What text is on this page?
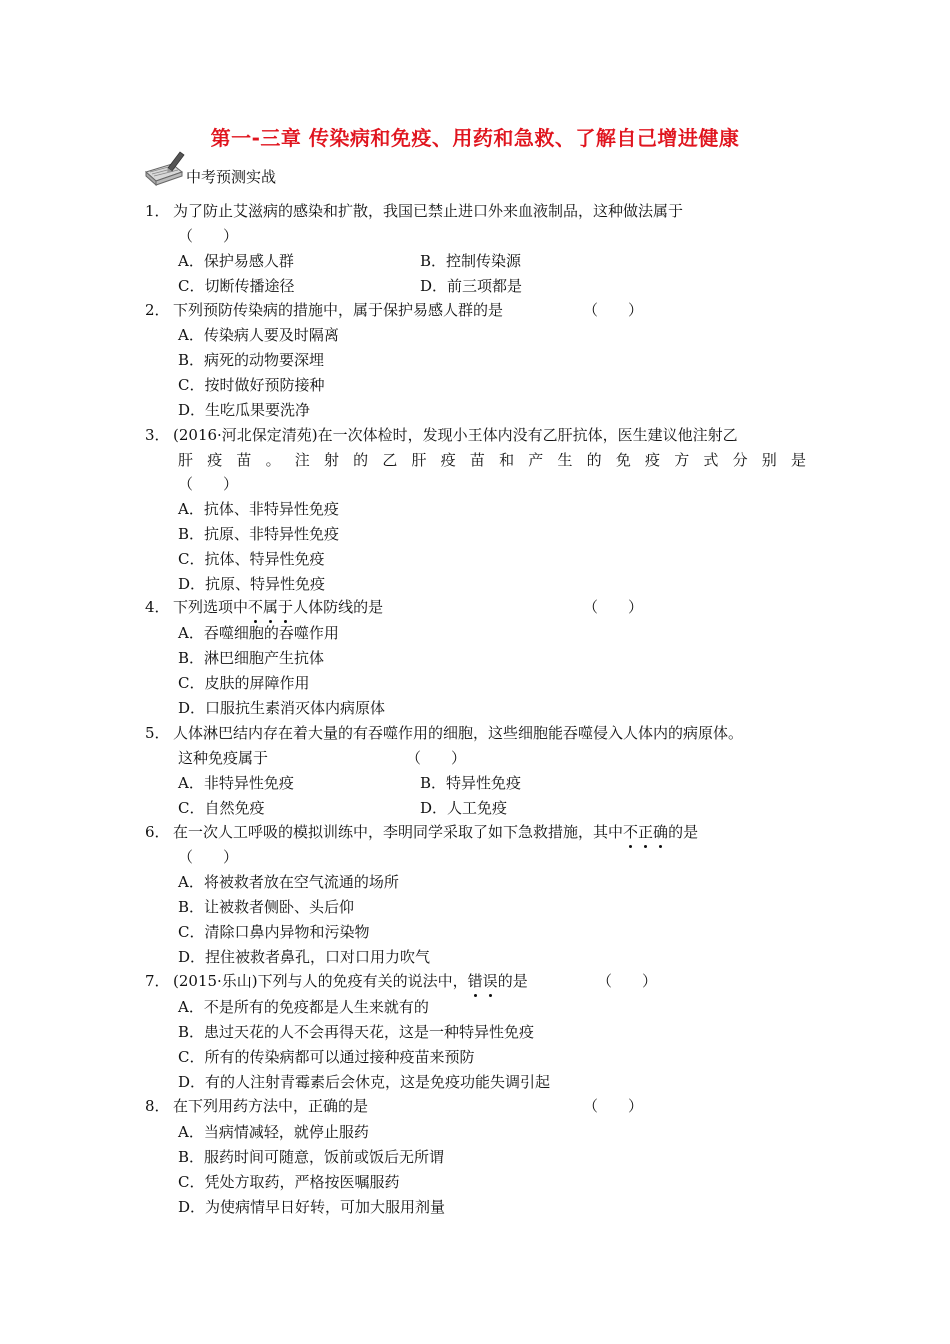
第一-三章 传染病和免疫、用药和急救、了解自己增进健康
中考预测实战
1． 为了防止艾滋病的感染和扩散，我国已禁止进口外来血液制品，这种做法属于
（　　）
A．保护易感人群	B．控制传染源
C．切断传播途径	D．前三项都是
2． 下列预防传染病的措施中，属于保护易感人群的是	（　　）
A．传染病人要及时隔离
B．病死的动物要深埋
C．按时做好预防接种
D．生吃瓜果要洗净
3． (2016·河北保定清苑)在一次体检时，发现小王体内没有乙肝抗体，医生建议他注射乙
肝疫苗。注射的乙肝疫苗和产生的免疫方式分别是
（　　）
A．抗体、非特异性免疫
B．抗原、非特异性免疫
C．抗体、特异性免疫
D．抗原、特异性免疫
4． 下列选项中不属于人体防线的是	（　　）
A．吞噬细胞的吞噬作用
B．淋巴细胞产生抗体
C．皮肤的屏障作用
D．口服抗生素消灭体内病原体
5． 人体淋巴结内存在着大量的有吞噬作用的细胞，这些细胞能吞噬侵入人体内的病原体。
这种免疫属于	（　　）
A．非特异性免疫	B．特异性免疫
C．自然免疫	D．人工免疫
6． 在一次人工呼吸的模拟训练中，李明同学采取了如下急救措施，其中不正确的是
（　　）
A．将被救者放在空气流通的场所
B．让被救者侧卧、头后仰
C．清除口鼻内异物和污染物
D．捏住被救者鼻孔，口对口用力吹气
7． (2015·乐山)下列与人的免疫有关的说法中，错误的是	（　　）
A．不是所有的免疫都是人生来就有的
B．患过天花的人不会再得天花，这是一种特异性免疫
C．所有的传染病都可以通过接种疫苗来预防
D．有的人注射青霉素后会休克，这是免疫功能失调引起
8． 在下列用药方法中，正确的是	（　　）
A．当病情减轻，就停止服药
B．服药时间可随意，饭前或饭后无所谓
C．凭处方取药，严格按医嘱服药
D．为使病情早日好转，可加大服用剂量
